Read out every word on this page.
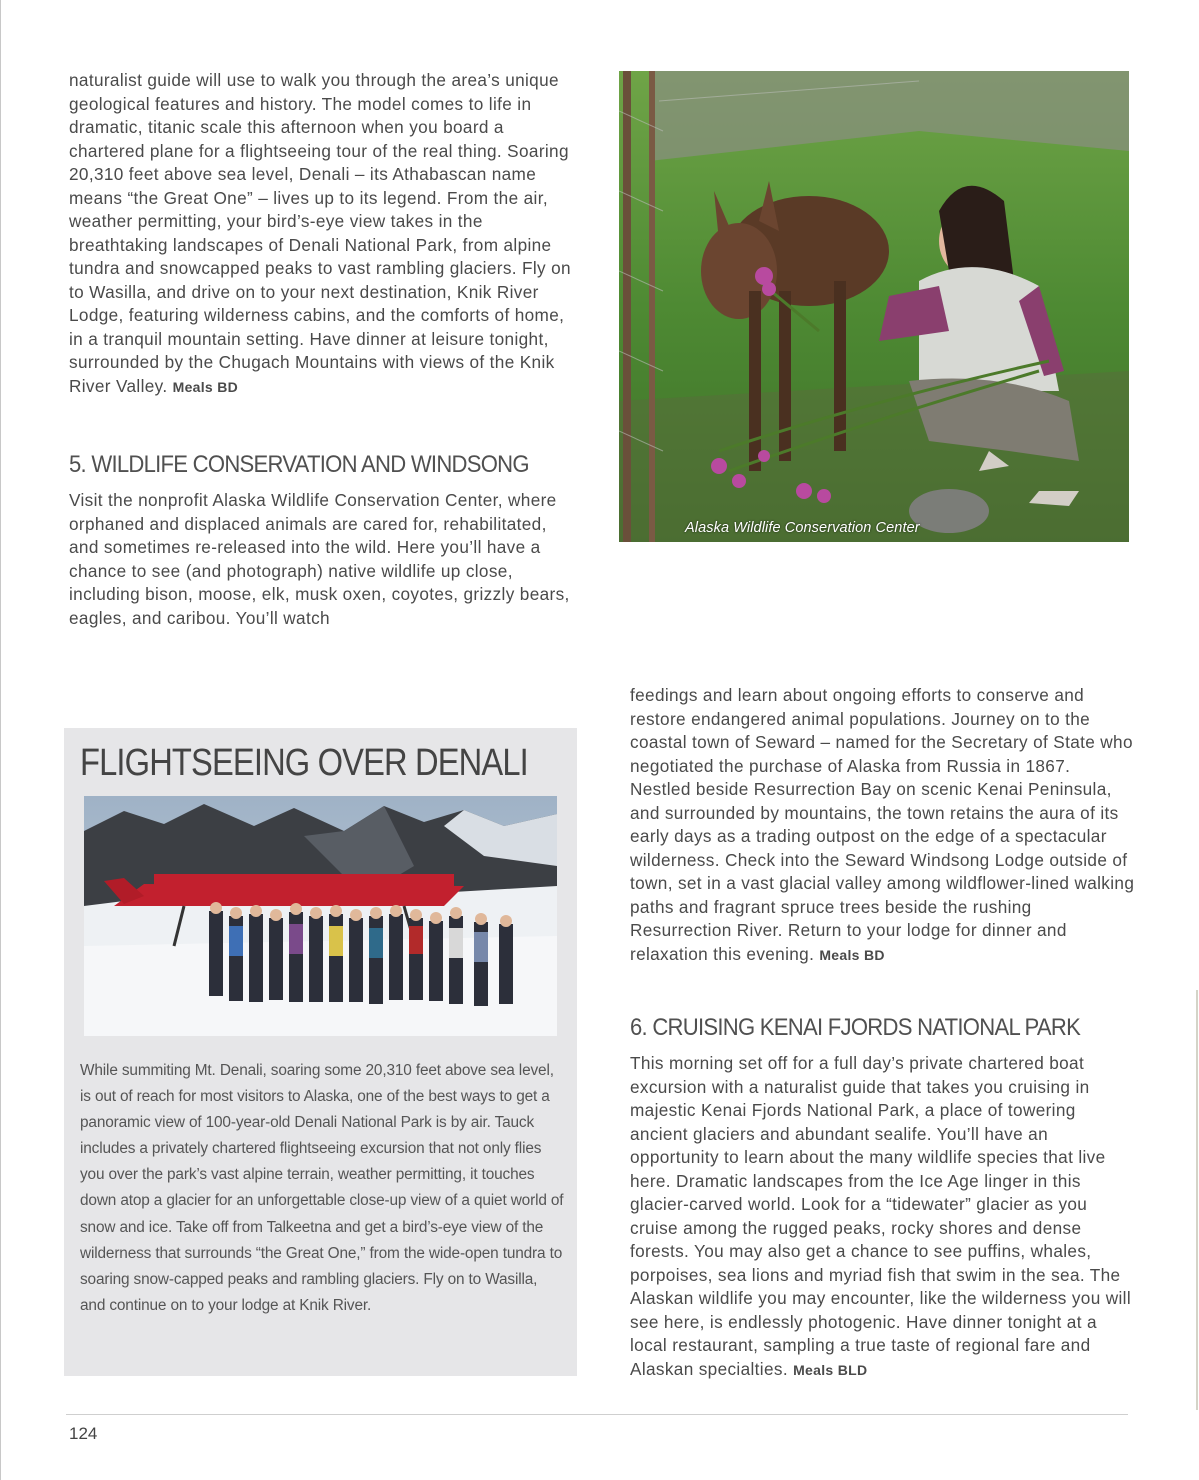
naturalist guide will use to walk you through the area’s unique geological features and history. The model comes to life in dramatic, titanic scale this afternoon when you board a chartered plane for a flightseeing tour of the real thing. Soaring 20,310 feet above sea level, Denali – its Athabascan name means “the Great One” – lives up to its legend. From the air, weather permitting, your bird’s-eye view takes in the breathtaking landscapes of Denali National Park, from alpine tundra and snowcapped peaks to vast rambling glaciers. Fly on to Wasilla, and drive on to your next destination, Knik River Lodge, featuring wilderness cabins, and the comforts of home, in a tranquil mountain setting. Have dinner at leisure tonight, surrounded by the Chugach Mountains with views of the Knik River Valley. Meals BD

5. WILDLIFE CONSERVATION AND WINDSONG

Visit the nonprofit Alaska Wildlife Conservation Center, where orphaned and displaced animals are cared for, rehabilitated, and sometimes re-released into the wild. Here you’ll have a chance to see (and photograph) native wildlife up close, including bison, moose, elk, musk oxen, coyotes, grizzly bears, eagles, and caribou. You’ll watch

Alaska Wildlife Conservation Center
FLIGHTSEEING OVER DENALI

While summiting Mt. Denali, soaring some 20,310 feet above sea level, is out of reach for most visitors to Alaska, one of the best ways to get a panoramic view of 100-year-old Denali National Park is by air. Tauck includes a privately chartered flightseeing excursion that not only flies you over the park’s vast alpine terrain, weather permitting, it touches down atop a glacier for an unforgettable close-up view of a quiet world of snow and ice. Take off from Talkeetna and get a bird’s-eye view of the wilderness that surrounds “the Great One,” from the wide-open tundra to soaring snow-capped peaks and rambling glaciers. Fly on to Wasilla, and continue on to your lodge at Knik River.

feedings and learn about ongoing efforts to conserve and restore endangered animal populations. Journey on to the coastal town of Seward – named for the Secretary of State who negotiated the purchase of Alaska from Russia in 1867. Nestled beside Resurrection Bay on scenic Kenai Peninsula, and surrounded by mountains, the town retains the aura of its early days as a trading outpost on the edge of a spectacular wilderness. Check into the Seward Windsong Lodge outside of town, set in a vast glacial valley among wildflower-lined walking paths and fragrant spruce trees beside the rushing Resurrection River. Return to your lodge for dinner and relaxation this evening. Meals BD

6. CRUISING KENAI FJORDS NATIONAL PARK

This morning set off for a full day’s private chartered boat excursion with a naturalist guide that takes you cruising in majestic Kenai Fjords National Park, a place of towering ancient glaciers and abundant sealife. You’ll have an opportunity to learn about the many wildlife species that live here. Dramatic landscapes from the Ice Age linger in this glacier-carved world. Look for a “tidewater” glacier as you cruise among the rugged peaks, rocky shores and dense forests. You may also get a chance to see puffins, whales, porpoises, sea lions and myriad fish that swim in the sea. The Alaskan wildlife you may encounter, like the wilderness you will see here, is endlessly photogenic. Have dinner tonight at a local restaurant, sampling a true taste of regional fare and Alaskan specialties. Meals BLD

124
